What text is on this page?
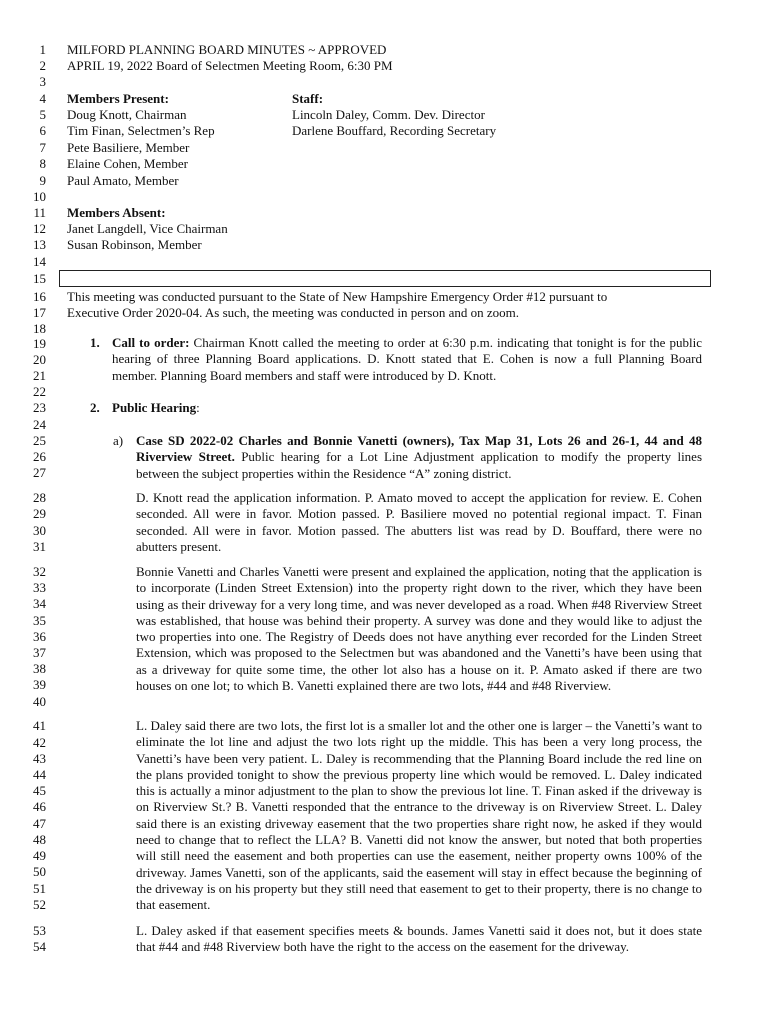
1
2
3
4
5
6
7
8
9
10
11
12
13
14
15
16
17
18
19
20
21
22
23
24
25
26
27
28
29
30
31
32
33
34
35
36
37
38
39
40
41
42
43
44
45
46
47
48
49
50
51
52
53
54
MILFORD PLANNING BOARD MINUTES ~ APPROVED
APRIL 19, 2022 Board of Selectmen Meeting Room, 6:30 PM
Members Present:
Doug Knott, Chairman
Tim Finan, Selectmen’s Rep
Pete Basiliere, Member
Elaine Cohen, Member
Paul Amato, Member
Staff:
Lincoln Daley, Comm. Dev. Director
Darlene Bouffard, Recording Secretary
Members Absent:
Janet Langdell, Vice Chairman
Susan Robinson, Member
This meeting was conducted pursuant to the State of New Hampshire Emergency Order #12 pursuant to Executive Order 2020-04. As such, the meeting was conducted in person and on zoom.
1. Call to order: Chairman Knott called the meeting to order at 6:30 p.m. indicating that tonight is for the public hearing of three Planning Board applications. D. Knott stated that E. Cohen is now a full Planning Board member. Planning Board members and staff were introduced by D. Knott.
2. Public Hearing:
a) Case SD 2022-02 Charles and Bonnie Vanetti (owners), Tax Map 31, Lots 26 and 26-1, 44 and 48 Riverview Street. Public hearing for a Lot Line Adjustment application to modify the property lines between the subject properties within the Residence “A” zoning district.
D. Knott read the application information. P. Amato moved to accept the application for review. E. Cohen seconded. All were in favor. Motion passed. P. Basiliere moved no potential regional impact. T. Finan seconded. All were in favor. Motion passed. The abutters list was read by D. Bouffard, there were no abutters present.
Bonnie Vanetti and Charles Vanetti were present and explained the application, noting that the application is to incorporate (Linden Street Extension) into the property right down to the river, which they have been using as their driveway for a very long time, and was never developed as a road. When #48 Riverview Street was established, that house was behind their property. A survey was done and they would like to adjust the two properties into one. The Registry of Deeds does not have anything ever recorded for the Linden Street Extension, which was proposed to the Selectmen but was abandoned and the Vanetti’s have been using that as a driveway for quite some time, the other lot also has a house on it. P. Amato asked if there are two houses on one lot; to which B. Vanetti explained there are two lots, #44 and #48 Riverview.
L. Daley said there are two lots, the first lot is a smaller lot and the other one is larger – the Vanetti’s want to eliminate the lot line and adjust the two lots right up the middle. This has been a very long process, the Vanetti’s have been very patient. L. Daley is recommending that the Planning Board include the red line on the plans provided tonight to show the previous property line which would be removed. L. Daley indicated this is actually a minor adjustment to the plan to show the previous lot line. T. Finan asked if the driveway is on Riverview St.? B. Vanetti responded that the entrance to the driveway is on Riverview Street. L. Daley said there is an existing driveway easement that the two properties share right now, he asked if they would need to change that to reflect the LLA? B. Vanetti did not know the answer, but noted that both properties will still need the easement and both properties can use the easement, neither property owns 100% of the driveway. James Vanetti, son of the applicants, said the easement will stay in effect because the beginning of the driveway is on his property but they still need that easement to get to their property, there is no change to that easement.
L. Daley asked if that easement specifies meets & bounds. James Vanetti said it does not, but it does state that #44 and #48 Riverview both have the right to the access on the easement for the driveway.
